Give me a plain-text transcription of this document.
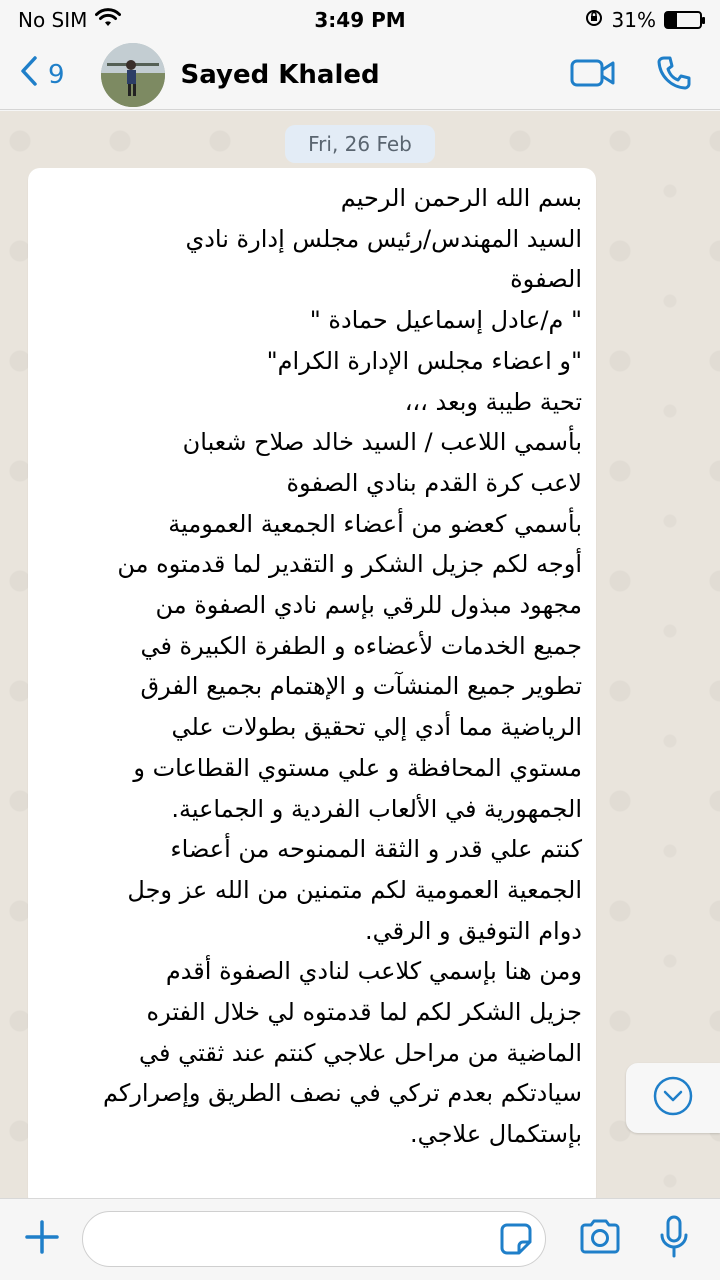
No SIM	3:49 PM	31%
9	Sayed Khaled
Fri, 26 Feb
بسم الله الرحمن الرحيم
السيد المهندس/رئيس مجلس إدارة نادي
الصفوة
" م/عادل إسماعيل حمادة "
"و اعضاء مجلس الإدارة الكرام"
تحية طيبة وبعد ،،،
بأسمي اللاعب / السيد خالد صلاح شعبان
لاعب كرة القدم بنادي الصفوة
بأسمي كعضو من أعضاء الجمعية العمومية
أوجه لكم جزيل الشكر و التقدير لما قدمتوه من
مجهود مبذول للرقي بإسم نادي الصفوة من
جميع الخدمات لأعضاءه و الطفرة الكبيرة في
تطوير جميع المنشآت و الإهتمام بجميع الفرق
الرياضية مما أدي إلي تحقيق بطولات علي
مستوي المحافظة و علي مستوي القطاعات و
الجمهورية في الألعاب الفردية و الجماعية.
كنتم علي قدر و الثقة الممنوحه من أعضاء
الجمعية العمومية لكم متمنين من الله عز وجل
دوام التوفيق و الرقي.
ومن هنا بإسمي كلاعب لنادي الصفوة أقدم
جزيل الشكر لكم لما قدمتوه لي خلال الفتره
الماضية من مراحل علاجي كنتم عند ثقتي في
سيادتكم بعدم تركي في نصف الطريق وإصراركم
بإستكمال علاجي.
